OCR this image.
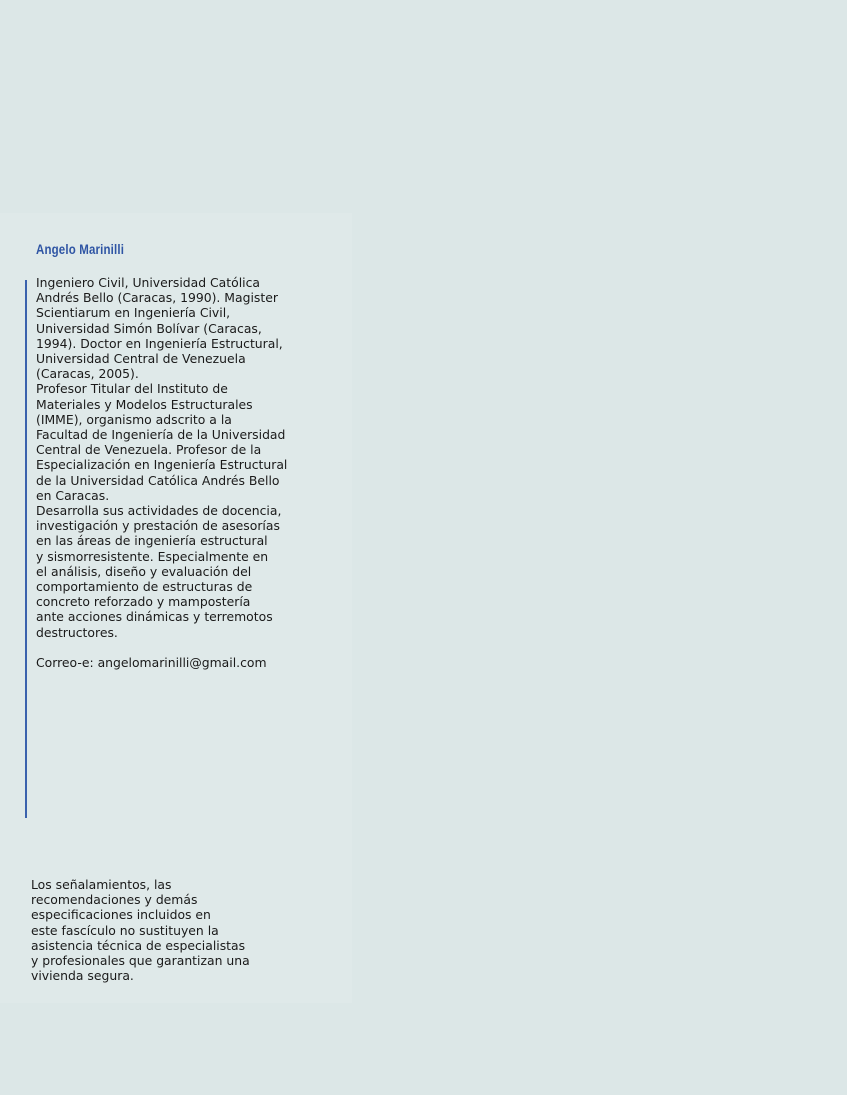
Angelo Marinilli

Ingeniero Civil, Universidad Católica
Andrés Bello (Caracas, 1990). Magister
Scientiarum en Ingeniería Civil,
Universidad Simón Bolívar (Caracas,
1994). Doctor en Ingeniería Estructural,
Universidad Central de Venezuela
(Caracas, 2005).

Profesor Titular del Instituto de
Materiales y Modelos Estructurales
(IMME), organismo adscrito a la
Facultad de Ingeniería de la Universidad
Central de Venezuela. Profesor de la
Especialización en Ingeniería Estructural
de la Universidad Católica Andrés Bello
en Caracas.

Desarrolla sus actividades de docencia,
investigación y prestación de asesorías
en las áreas de ingeniería estructural
y sismorresistente. Especialmente en
el análisis, diseño y evaluación del
comportamiento de estructuras de
concreto reforzado y mampostería
ante acciones dinámicas y terremotos
destructores.

Correo-e: angelomarinilli@gmail.com

Los señalamientos, las
recomendaciones y demás
especificaciones incluidos en
este fascículo no sustituyen la
asistencia técnica de especialistas
y profesionales que garantizan una
vivienda segura.
